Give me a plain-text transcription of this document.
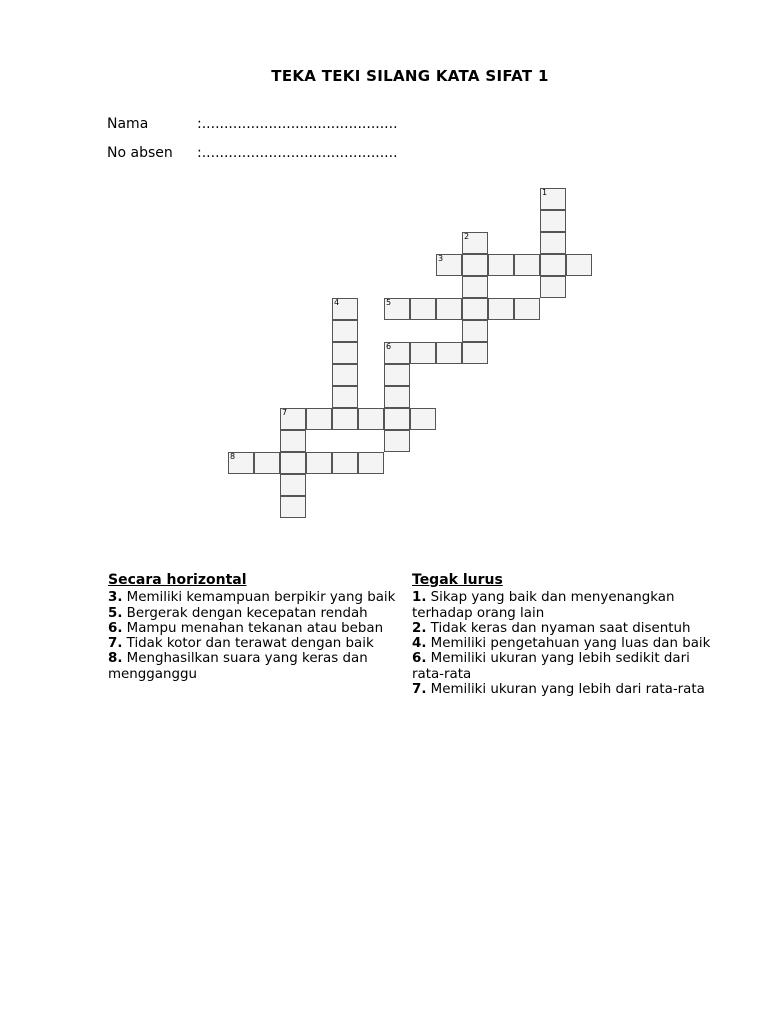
TEKA TEKI SILANG KATA SIFAT 1
Nama	:............................................
No absen :............................................
1
2
3
4	5
6
7
8
Secara horizontal
3. Memiliki kemampuan berpikir yang baik
5. Bergerak dengan kecepatan rendah
6. Mampu menahan tekanan atau beban
7. Tidak kotor dan terawat dengan baik
8. Menghasilkan suara yang keras dan mengganggu
Tegak lurus
1. Sikap yang baik dan menyenangkan terhadap orang lain
2. Tidak keras dan nyaman saat disentuh
4. Memiliki pengetahuan yang luas dan baik
6. Memiliki ukuran yang lebih sedikit dari rata-rata
7. Memiliki ukuran yang lebih dari rata-rata
